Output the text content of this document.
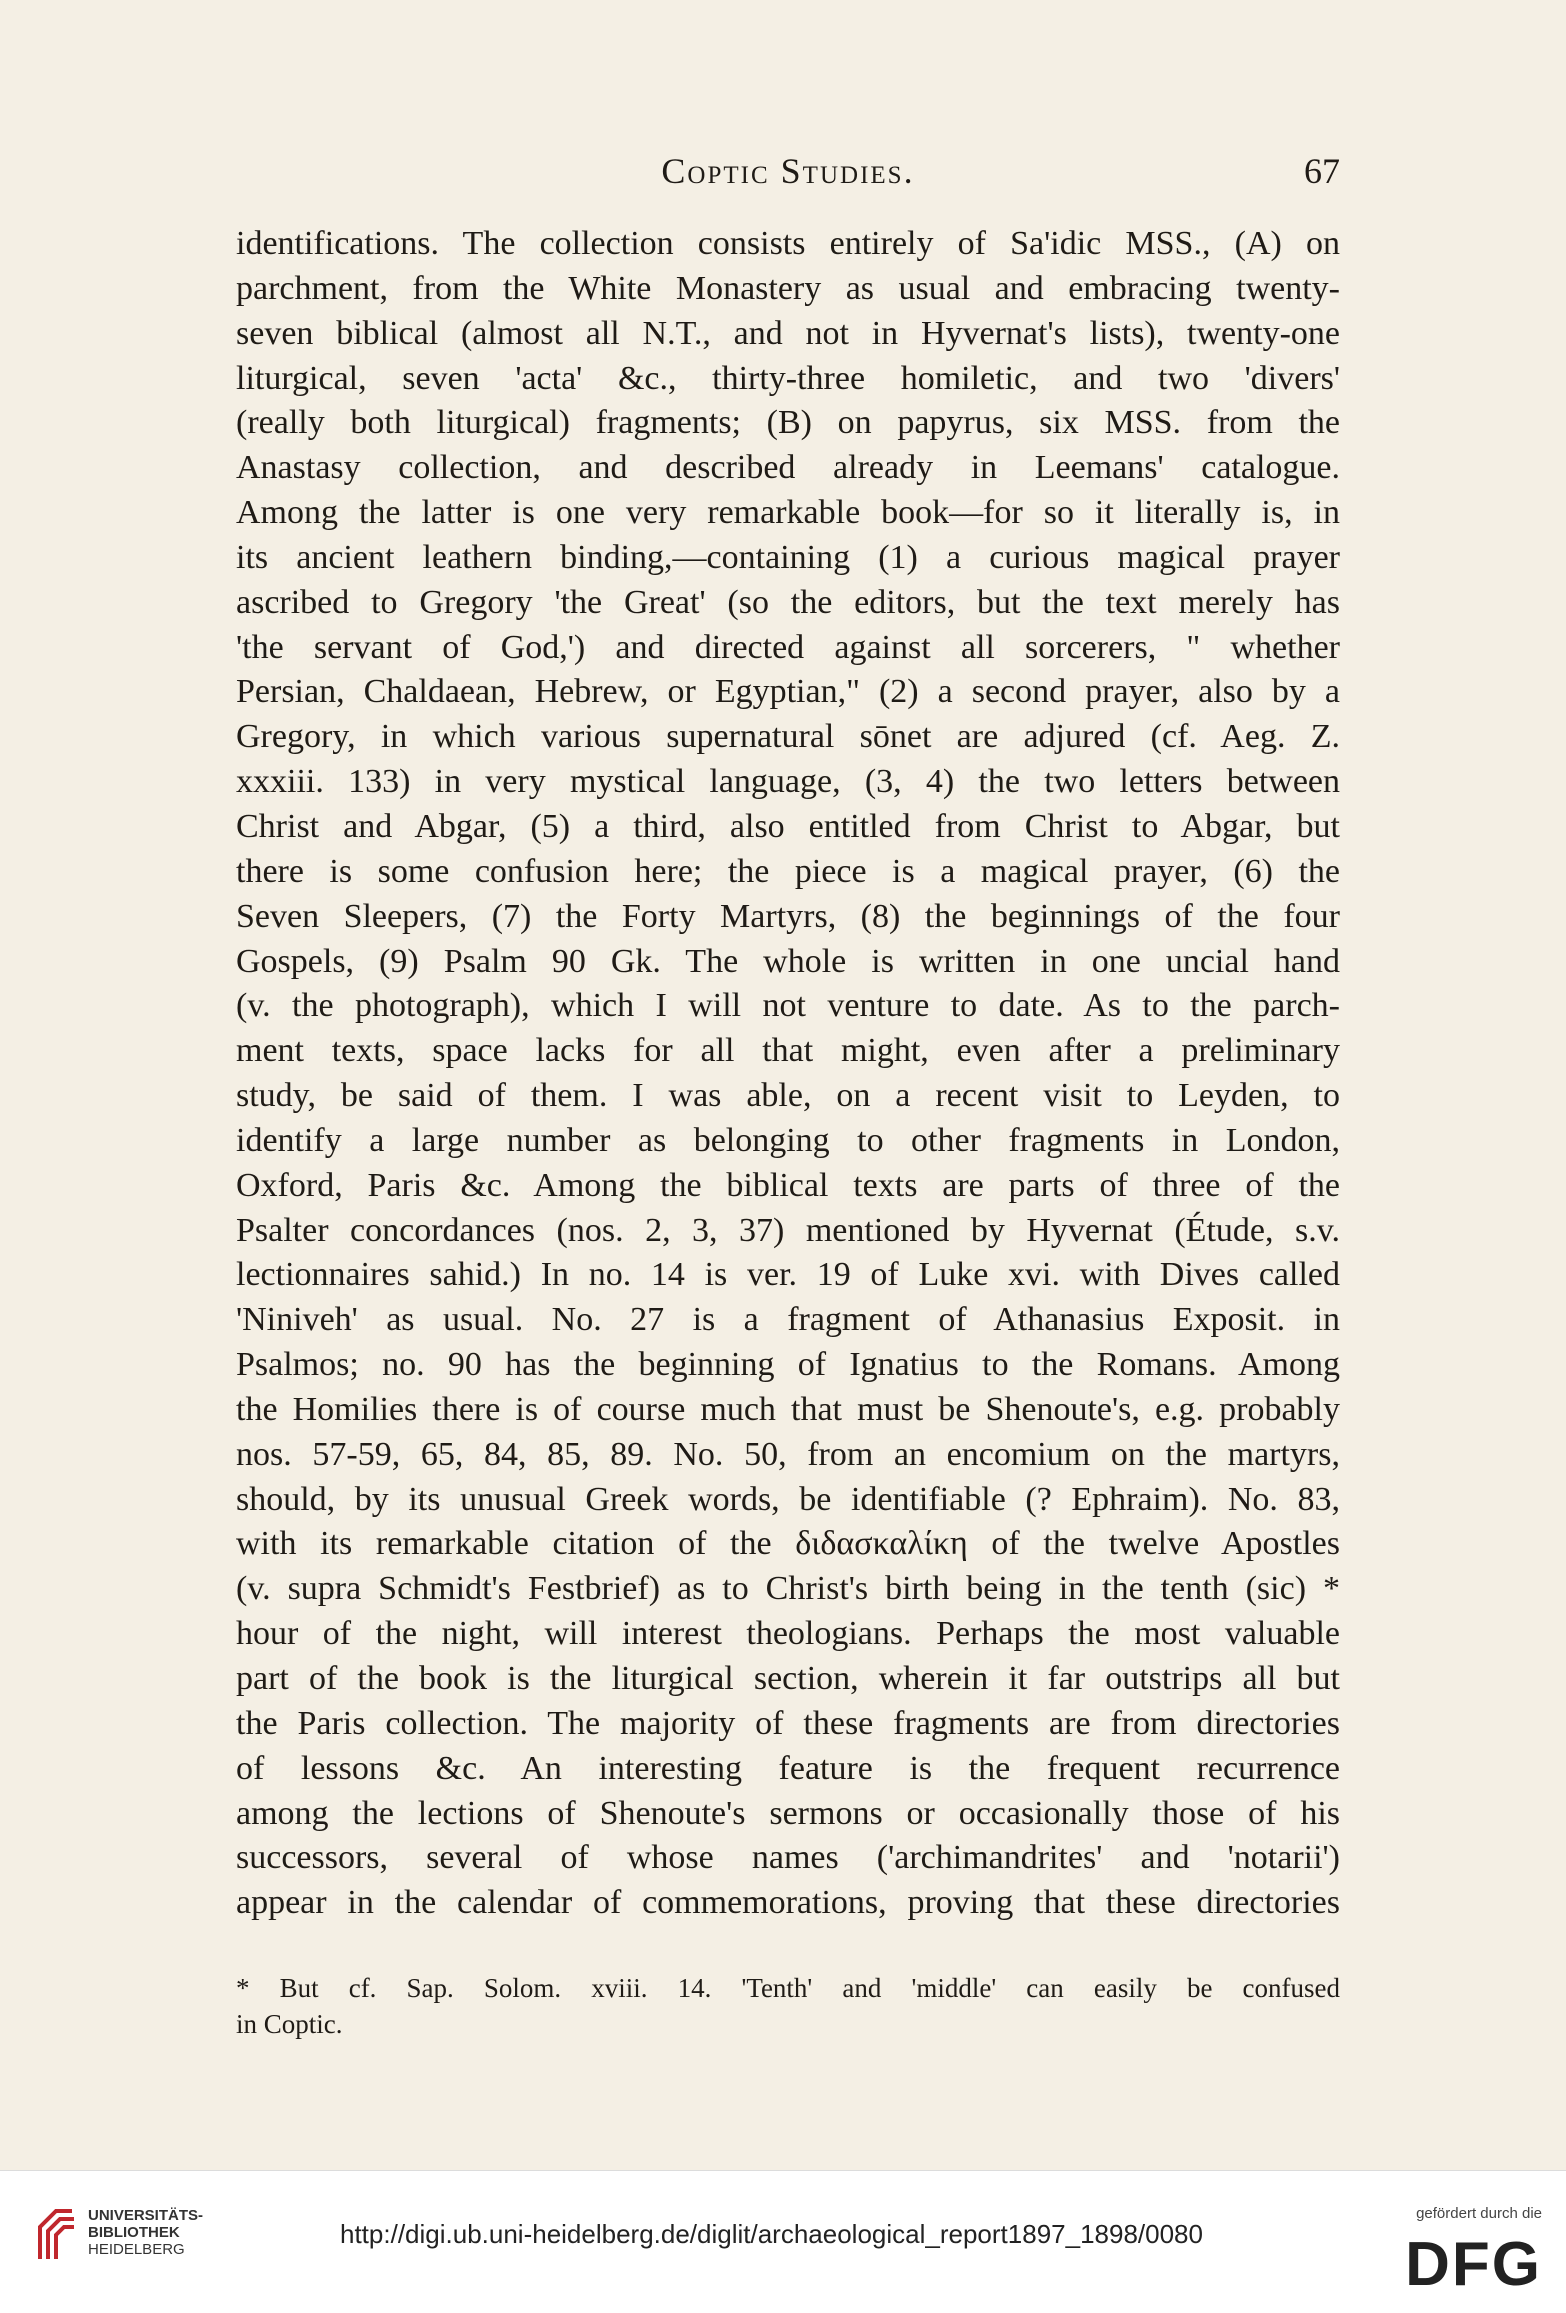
Coptic Studies.	67
identifications. The collection consists entirely of Sa'idic MSS., (A) on
parchment, from the White Monastery as usual and embracing twenty-
seven biblical (almost all N.T., and not in Hyvernat's lists), twenty-one
liturgical, seven 'acta' &c., thirty-three homiletic, and two 'divers'
(really both liturgical) fragments; (B) on papyrus, six MSS. from the
Anastasy collection, and described already in Leemans' catalogue.
Among the latter is one very remarkable book—for so it literally is, in
its ancient leathern binding,—containing (1) a curious magical prayer
ascribed to Gregory 'the Great' (so the editors, but the text merely has
'the servant of God,') and directed against all sorcerers, " whether
Persian, Chaldaean, Hebrew, or Egyptian," (2) a second prayer, also by a
Gregory, in which various supernatural sōnet are adjured (cf. Aeg. Z.
xxxiii. 133) in very mystical language, (3, 4) the two letters between
Christ and Abgar, (5) a third, also entitled from Christ to Abgar, but
there is some confusion here; the piece is a magical prayer, (6) the
Seven Sleepers, (7) the Forty Martyrs, (8) the beginnings of the four
Gospels, (9) Psalm 90 Gk. The whole is written in one uncial hand
(v. the photograph), which I will not venture to date. As to the parch-
ment texts, space lacks for all that might, even after a preliminary
study, be said of them. I was able, on a recent visit to Leyden, to
identify a large number as belonging to other fragments in London,
Oxford, Paris &c. Among the biblical texts are parts of three of the
Psalter concordances (nos. 2, 3, 37) mentioned by Hyvernat (Étude, s.v.
lectionnaires sahid.) In no. 14 is ver. 19 of Luke xvi. with Dives called
'Niniveh' as usual. No. 27 is a fragment of Athanasius Exposit. in
Psalmos; no. 90 has the beginning of Ignatius to the Romans. Among
the Homilies there is of course much that must be Shenoute's, e.g. probably
nos. 57-59, 65, 84, 85, 89. No. 50, from an encomium on the martyrs,
should, by its unusual Greek words, be identifiable (? Ephraim). No. 83,
with its remarkable citation of the διδασκαλίκη of the twelve Apostles
(v. supra Schmidt's Festbrief) as to Christ's birth being in the tenth (sic) *
hour of the night, will interest theologians. Perhaps the most valuable
part of the book is the liturgical section, wherein it far outstrips all but
the Paris collection. The majority of these fragments are from directories
of lessons &c. An interesting feature is the frequent recurrence
among the lections of Shenoute's sermons or occasionally those of his
successors, several of whose names ('archimandrites' and 'notarii')
appear in the calendar of commemorations, proving that these directories
* But cf. Sap. Solom. xviii. 14. 'Tenth' and 'middle' can easily be confused
in Coptic.
UNIVERSITÄTS-
BIBLIOTHEK
HEIDELBERG
http://digi.ub.uni-heidelberg.de/diglit/archaeological_report1897_1898/0080
gefördert durch die
DFG
